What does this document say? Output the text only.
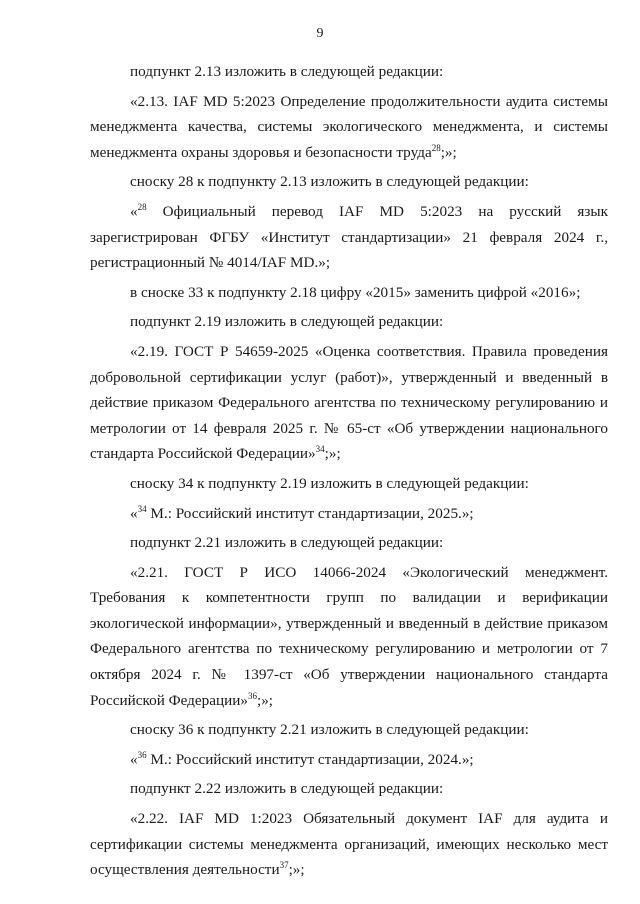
9

подпункт 2.13 изложить в следующей редакции:

«2.13. IAF MD 5:2023 Определение продолжительности аудита системы менеджмента качества, системы экологического менеджмента, и системы менеджмента охраны здоровья и безопасности труда$^{28}$;»;

сноску 28 к подпункту 2.13 изложить в следующей редакции:

«$^{28}$ Официальный перевод IAF MD 5:2023 на русский язык зарегистрирован ФГБУ «Институт стандартизации» 21 февраля 2024 г., регистрационный № 4014/IAF MD.»;

в сноске 33 к подпункту 2.18 цифру «2015» заменить цифрой «2016»;

подпункт 2.19 изложить в следующей редакции:

«2.19. ГОСТ Р 54659-2025 «Оценка соответствия. Правила проведения добровольной сертификации услуг (работ)», утвержденный и введенный в действие приказом Федерального агентства по техническому регулированию и метрологии от 14 февраля 2025 г. № 65-ст «Об утверждении национального стандарта Российской Федерации»$^{34}$;»;

сноску 34 к подпункту 2.19 изложить в следующей редакции:

«$^{34}$ М.: Российский институт стандартизации, 2025.»;

подпункт 2.21 изложить в следующей редакции:

«2.21. ГОСТ Р ИСО 14066-2024 «Экологический менеджмент. Требования к компетентности групп по валидации и верификации экологической информации», утвержденный и введенный в действие приказом Федерального агентства по техническому регулированию и метрологии от 7 октября 2024 г. № 1397-ст «Об утверждении национального стандарта Российской Федерации»$^{36}$;»;

сноску 36 к подпункту 2.21 изложить в следующей редакции:

«$^{36}$ М.: Российский институт стандартизации, 2024.»;

подпункт 2.22 изложить в следующей редакции:

«2.22. IAF MD 1:2023 Обязательный документ IAF для аудита и сертификации системы менеджмента организаций, имеющих несколько мест осуществления деятельности$^{37}$;»;
